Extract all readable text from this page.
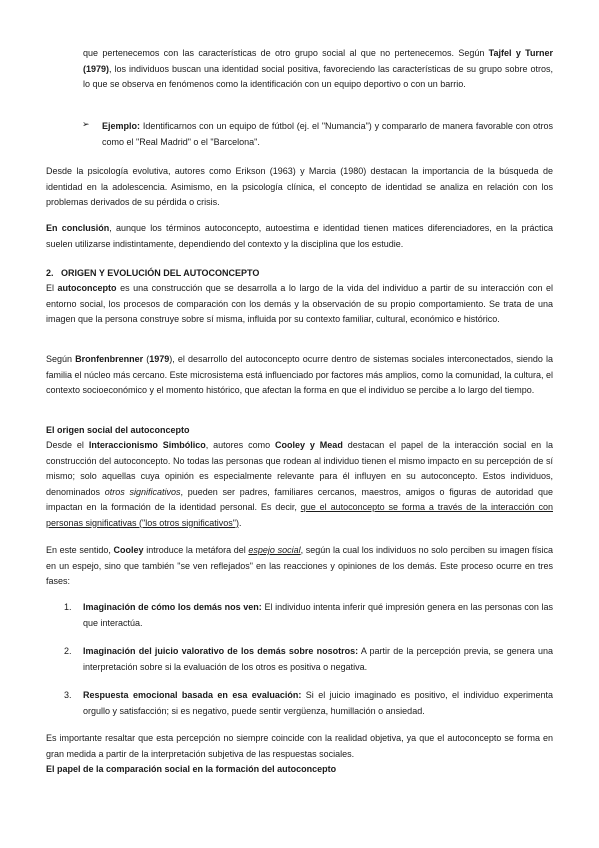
que pertenecemos con las características de otro grupo social al que no pertenecemos. Según Tajfel y Turner (1979), los individuos buscan una identidad social positiva, favoreciendo las características de su grupo sobre otros, lo que se observa en fenómenos como la identificación con un equipo deportivo o con un barrio.

➢ Ejemplo: Identificarnos con un equipo de fútbol (ej. el "Numancia") y compararlo de manera favorable con otros como el "Real Madrid" o el "Barcelona".

Desde la psicología evolutiva, autores como Erikson (1963) y Marcia (1980) destacan la importancia de la búsqueda de identidad en la adolescencia. Asimismo, en la psicología clínica, el concepto de identidad se analiza en relación con los problemas derivados de su pérdida o crisis.

En conclusión, aunque los términos autoconcepto, autoestima e identidad tienen matices diferenciadores, en la práctica suelen utilizarse indistintamente, dependiendo del contexto y la disciplina que los estudie.

2.   ORIGEN Y EVOLUCIÓN DEL AUTOCONCEPTO

El autoconcepto es una construcción que se desarrolla a lo largo de la vida del individuo a partir de su interacción con el entorno social, los procesos de comparación con los demás y la observación de su propio comportamiento. Se trata de una imagen que la persona construye sobre sí misma, influida por su contexto familiar, cultural, económico e histórico.

Según Bronfenbrenner (1979), el desarrollo del autoconcepto ocurre dentro de sistemas sociales interconectados, siendo la familia el núcleo más cercano. Este microsistema está influenciado por factores más amplios, como la comunidad, la cultura, el contexto socioeconómico y el momento histórico, que afectan la forma en que el individuo se percibe a lo largo del tiempo.

El origen social del autoconcepto

Desde el Interaccionismo Simbólico, autores como Cooley y Mead destacan el papel de la interacción social en la construcción del autoconcepto. No todas las personas que rodean al individuo tienen el mismo impacto en su percepción de sí mismo; solo aquellas cuya opinión es especialmente relevante para él influyen en su autoconcepto. Estos individuos, denominados otros significativos, pueden ser padres, familiares cercanos, maestros, amigos o figuras de autoridad que impactan en la formación de la identidad personal. Es decir, que el autoconcepto se forma a través de la interacción con personas significativas ("los otros significativos").

En este sentido, Cooley introduce la metáfora del espejo social, según la cual los individuos no solo perciben su imagen física en un espejo, sino que también "se ven reflejados" en las reacciones y opiniones de los demás. Este proceso ocurre en tres fases:

1. Imaginación de cómo los demás nos ven: El individuo intenta inferir qué impresión genera en las personas con las que interactúa.

2. Imaginación del juicio valorativo de los demás sobre nosotros: A partir de la percepción previa, se genera una interpretación sobre si la evaluación de los otros es positiva o negativa.

3. Respuesta emocional basada en esa evaluación: Si el juicio imaginado es positivo, el individuo experimenta orgullo y satisfacción; si es negativo, puede sentir vergüenza, humillación o ansiedad.

Es importante resaltar que esta percepción no siempre coincide con la realidad objetiva, ya que el autoconcepto se forma en gran medida a partir de la interpretación subjetiva de las respuestas sociales.

El papel de la comparación social en la formación del autoconcepto
